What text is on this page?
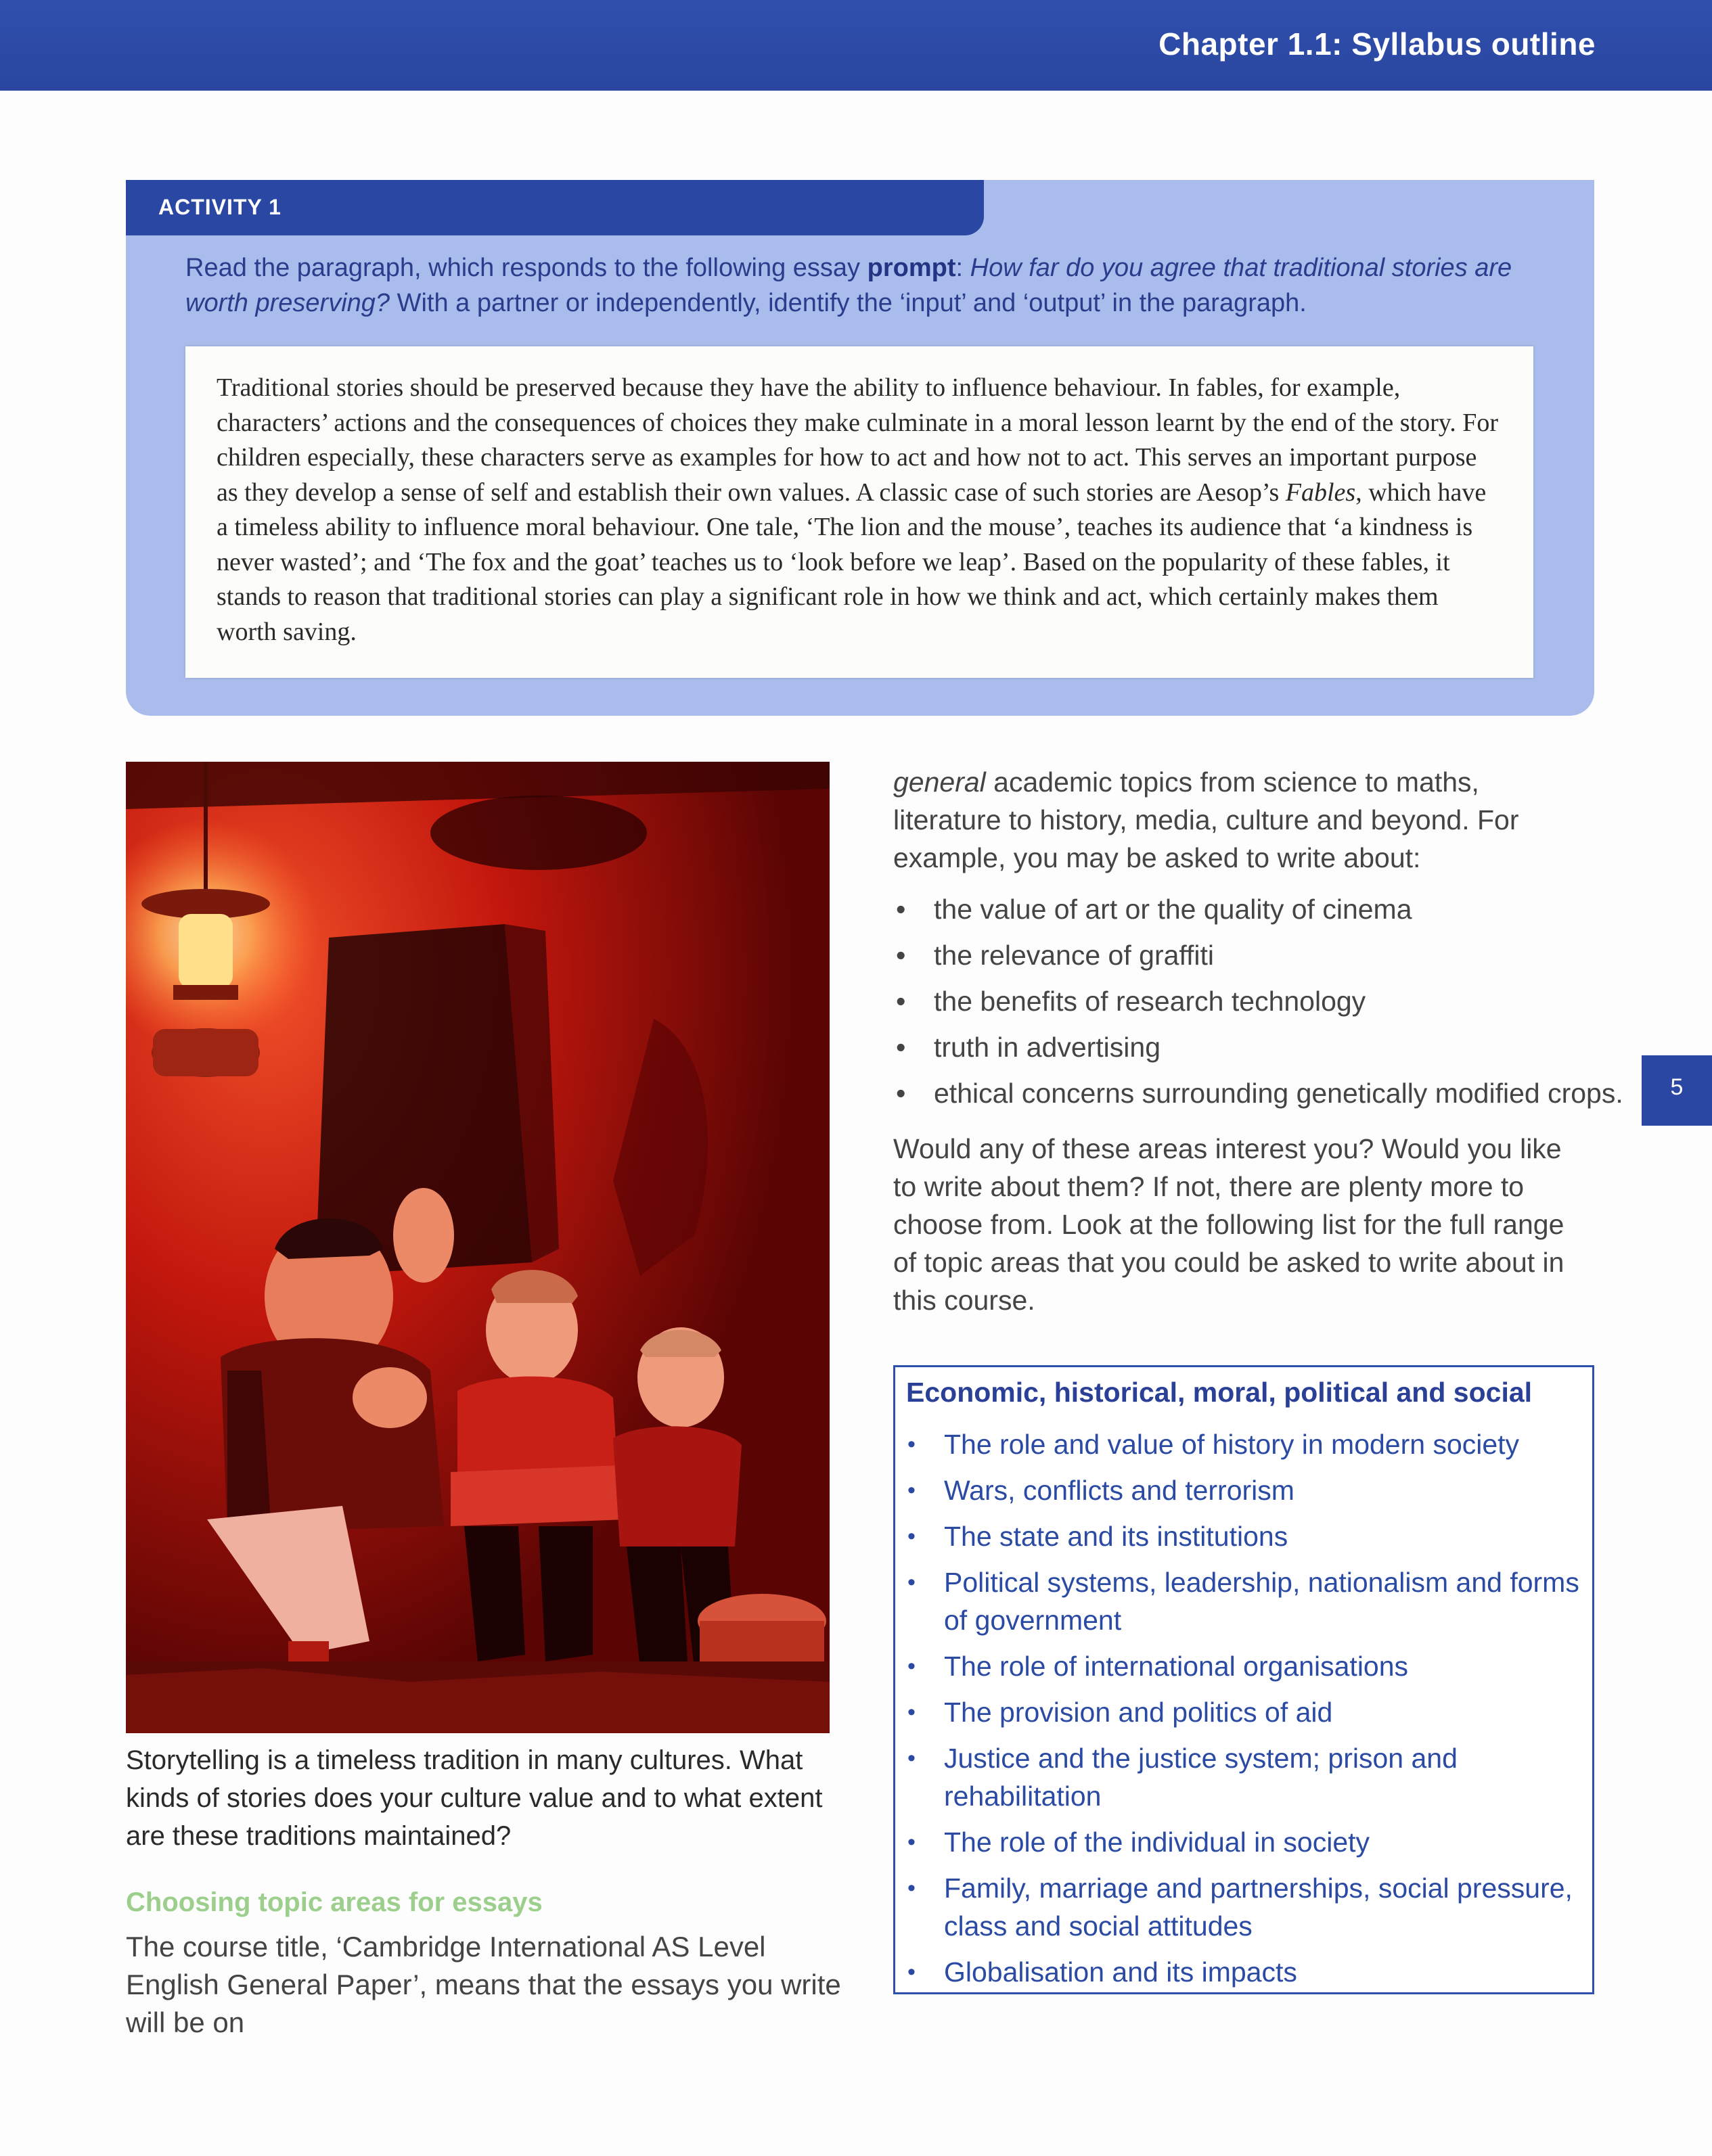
Chapter 1.1: Syllabus outline
ACTIVITY 1
Read the paragraph, which responds to the following essay prompt: How far do you agree that traditional stories are worth preserving? With a partner or independently, identify the ‘input’ and ‘output’ in the paragraph.
Traditional stories should be preserved because they have the ability to influence behaviour. In fables, for example, characters’ actions and the consequences of choices they make culminate in a moral lesson learnt by the end of the story. For children especially, these characters serve as examples for how to act and how not to act. This serves an important purpose as they develop a sense of self and establish their own values. A classic case of such stories are Aesop’s Fables, which have a timeless ability to influence moral behaviour. One tale, ‘The lion and the mouse’, teaches its audience that ‘a kindness is never wasted’; and ‘The fox and the goat’ teaches us to ‘look before we leap’. Based on the popularity of these fables, it stands to reason that traditional stories can play a significant role in how we think and act, which certainly makes them worth saving.
Storytelling is a timeless tradition in many cultures. What kinds of stories does your culture value and to what extent are these traditions maintained?
Choosing topic areas for essays
The course title, ‘Cambridge International AS Level English General Paper’, means that the essays you write will be on

general academic topics from science to maths, literature to history, media, culture and beyond. For example, you may be asked to write about:

• the value of art or the quality of cinema
• the relevance of graffiti
• the benefits of research technology
• truth in advertising
• ethical concerns surrounding genetically modified crops.

Would any of these areas interest you? Would you like to write about them? If not, there are plenty more to choose from. Look at the following list for the full range of topic areas that you could be asked to write about in this course.

Economic, historical, moral, political and social
• The role and value of history in modern society
• Wars, conflicts and terrorism
• The state and its institutions
• Political systems, leadership, nationalism and forms of government
• The role of international organisations
• The provision and politics of aid
• Justice and the justice system; prison and rehabilitation
• The role of the individual in society
• Family, marriage and partnerships, social pressure, class and social attitudes
• Globalisation and its impacts
5
